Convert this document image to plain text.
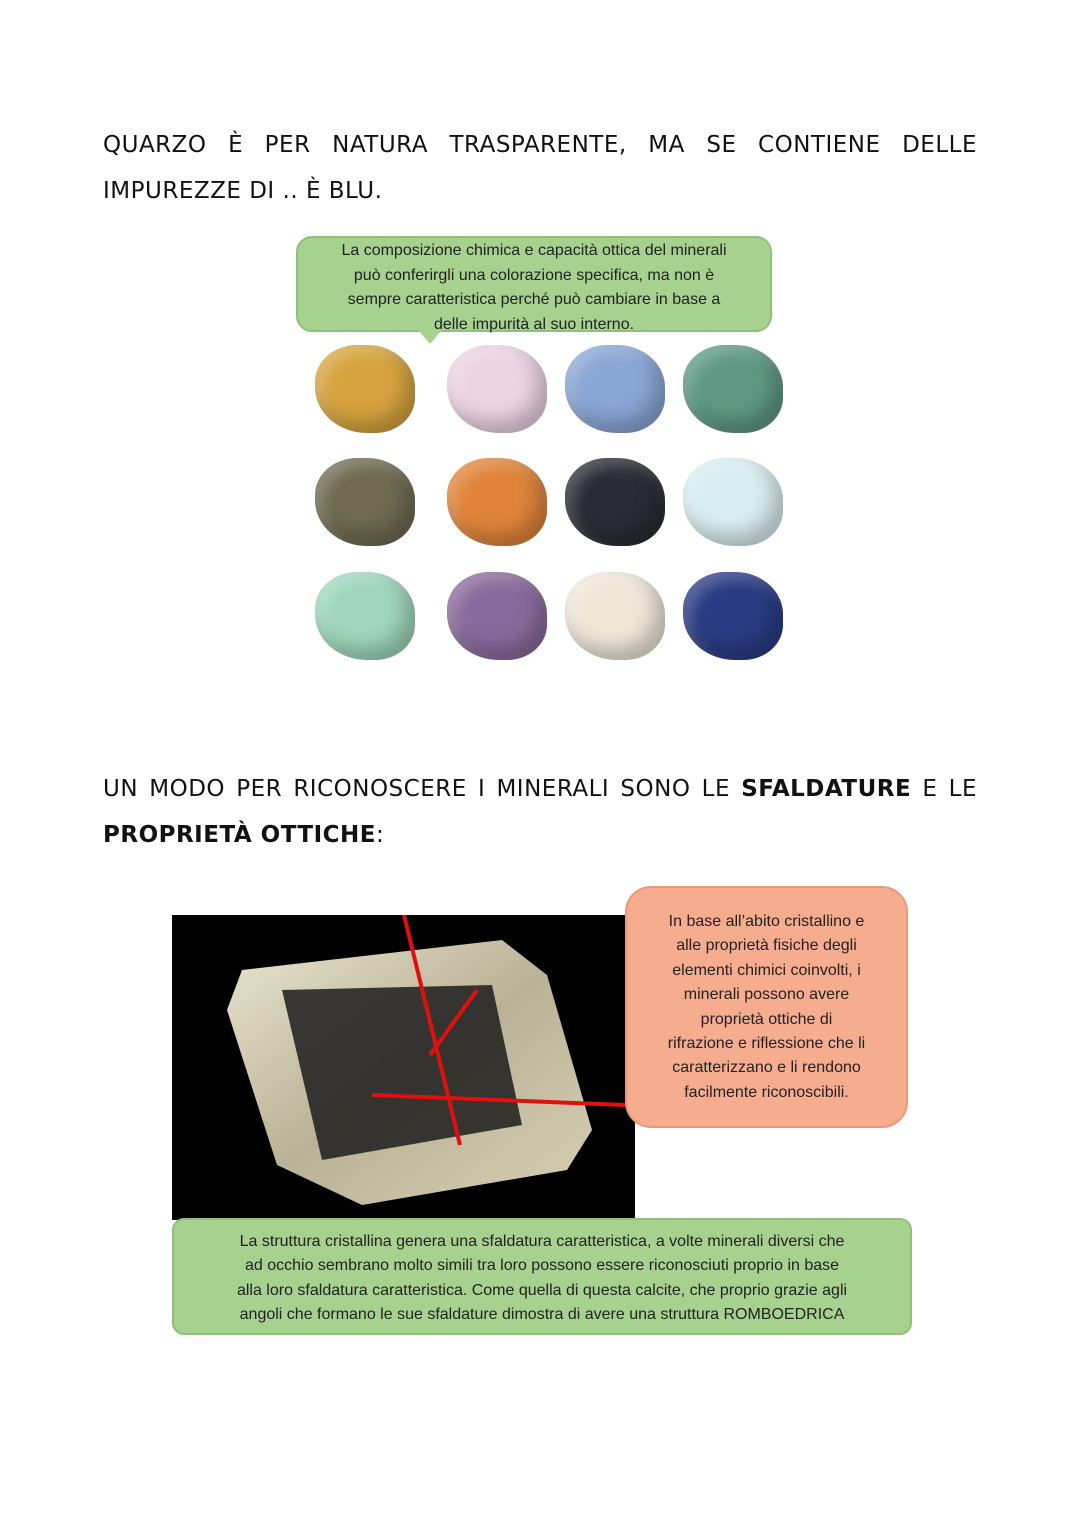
QUARZO È PER NATURA TRASPARENTE, MA SE CONTIENE DELLE IMPUREZZE DI .. È BLU.
La composizione chimica e capacità ottica del minerali
può conferirgli una colorazione specifica, ma non è
sempre caratteristica perché può cambiare in base a
delle impurità al suo interno.
UN MODO PER RICONOSCERE I MINERALI SONO LE SFALDATURE E LE PROPRIETÀ OTTICHE:
In base all’abito cristallino e
alle proprietà fisiche degli
elementi chimici coinvolti, i
minerali possono avere
proprietà ottiche di
rifrazione e riflessione che li
caratterizzano e li rendono
facilmente riconoscibili.
La struttura cristallina genera una sfaldatura caratteristica, a volte minerali diversi che
ad occhio sembrano molto simili tra loro possono essere riconosciuti proprio in base
alla loro sfaldatura caratteristica. Come quella di questa calcite, che proprio grazie agli
angoli che formano le sue sfaldature dimostra di avere una struttura ROMBOEDRICA
